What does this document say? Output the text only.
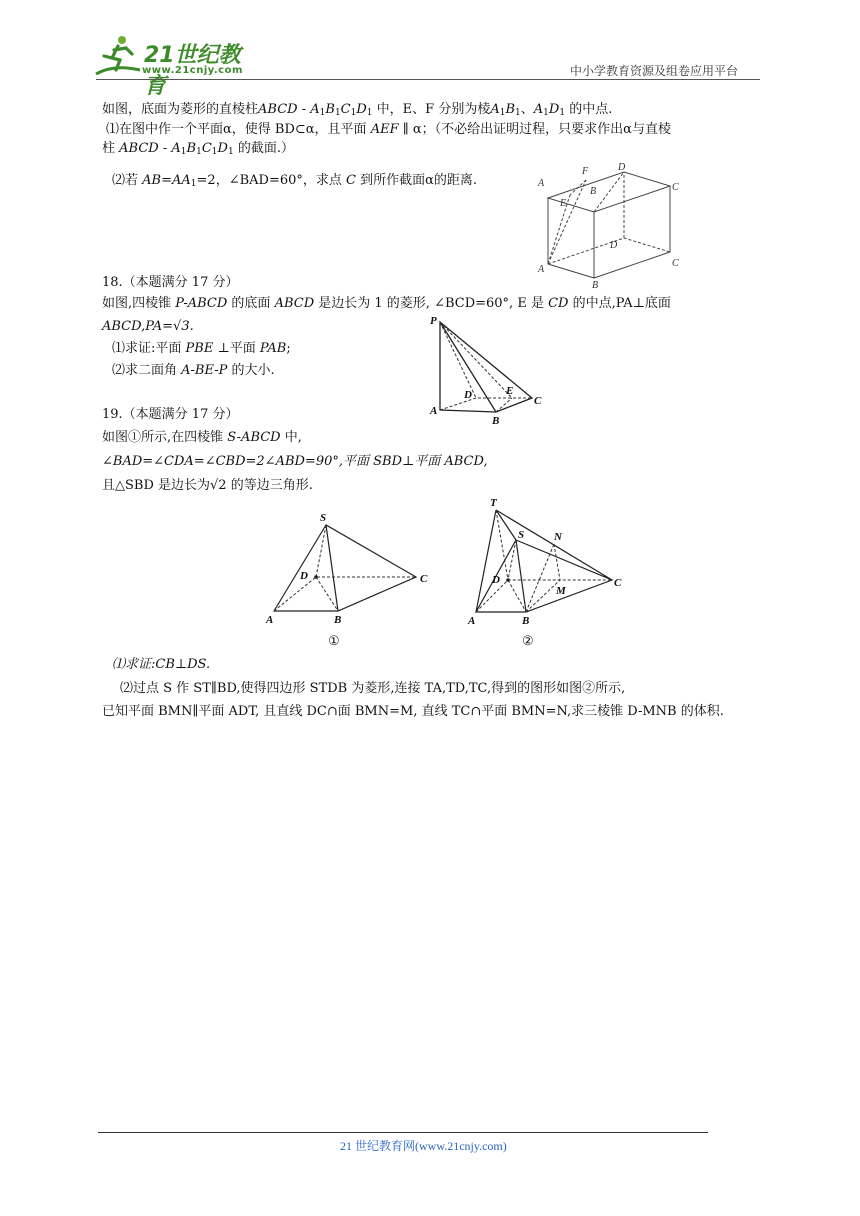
21世纪教育
www.21cnjy.com	中小学教育资源及组卷应用平台
如图，底面为菱形的直棱柱ABCD - $A_1B_1C_1D_1$ 中，E、F 分别为棱$A_1B_1$、$A_1D_1$ 的中点.
⑴在图中作一个平面α，使得 BD⊂α，且平面 AEF ∥ α；（不必给出证明过程，只要求作出α与直棱
柱 ABCD - $A_1B_1C_1D_1$ 的截面.）
⑵若 $AB=AA_1=2$，∠BAD=60°，求点 C 到所作截面α的距离.	A
F
B
D
C
E
D
A
B
C
18.（本题满分 17 分）
如图,四棱锥 P-ABCD 的底面 ABCD 是边长为 1 的菱形, ∠BCD=60°, E 是 CD 的中点,PA⊥底面
ABCD,PA=√3.
⑴求证:平面 PBE ⊥平面 PAB;
⑵求二面角 A-BE-P 的大小.
P
A
B
D	E
C
19.（本题满分 17 分）
如图①所示,在四棱锥 S-ABCD 中,
∠BAD=∠CDA=∠CBD=2∠ABD=90°,平面 SBD⊥平面 ABCD,
且△SBD 是边长为√2 的等边三角形.
S
D	C
A	B
①
T
S	N
D
M
C
A	B
②
⑴求证:CB⊥DS.
⑵过点 S 作 ST∥BD,使得四边形 STDB 为菱形,连接 TA,TD,TC,得到的图形如图②所示,
已知平面 BMN∥平面 ADT, 且直线 DC∩面 BMN=M, 直线 TC∩平面 BMN=N,求三棱锥 D-MNB 的体积.
21 世纪教育网(www.21cnjy.com)
